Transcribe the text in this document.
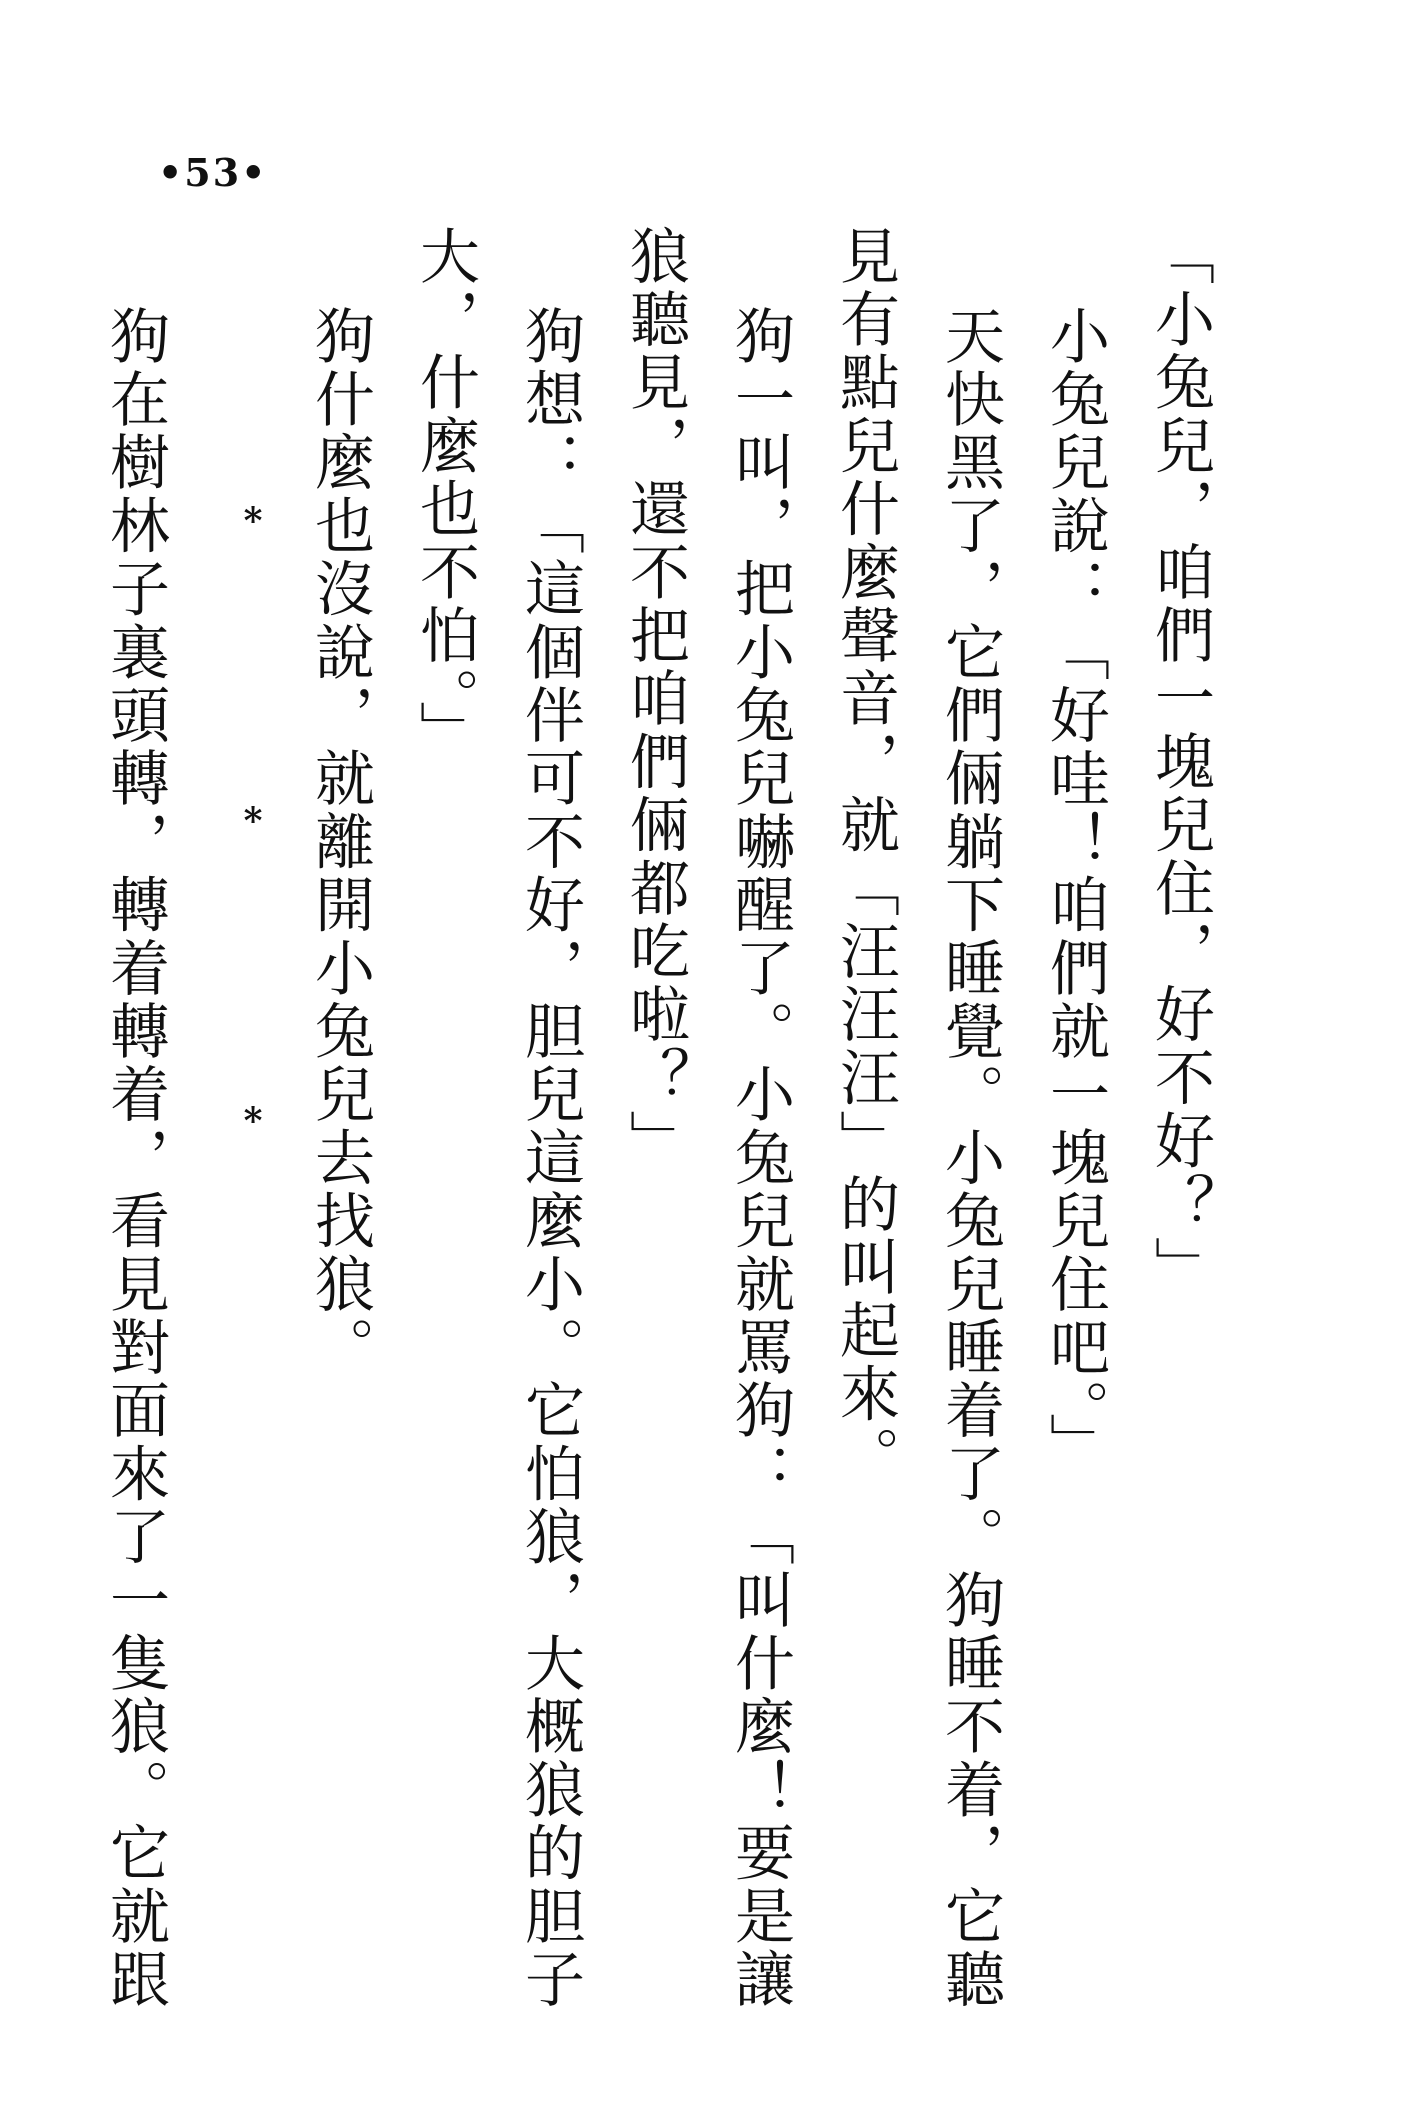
•53•
「小兔兒，咱們一塊兒住，好不好？」
小兔兒說：「好哇！咱們就一塊兒住吧。」
天快黑了，它們倆躺下睡覺。小兔兒睡着了。狗睡不着，它聽
見有點兒什麼聲音，就「汪汪汪」的叫起來。
狗一叫，把小兔兒嚇醒了。小兔兒就罵狗：「叫什麼！要是讓
狼聽見，還不把咱們倆都吃啦？」
狗想：「這個伴可不好，胆兒這麼小。它怕狼，大概狼的胆子
大，什麼也不怕。」
狗什麼也沒說，就離開小兔兒去找狼。
*
*
*
狗在樹林子裏頭轉，轉着轉着，看見對面來了一隻狼。它就跟
